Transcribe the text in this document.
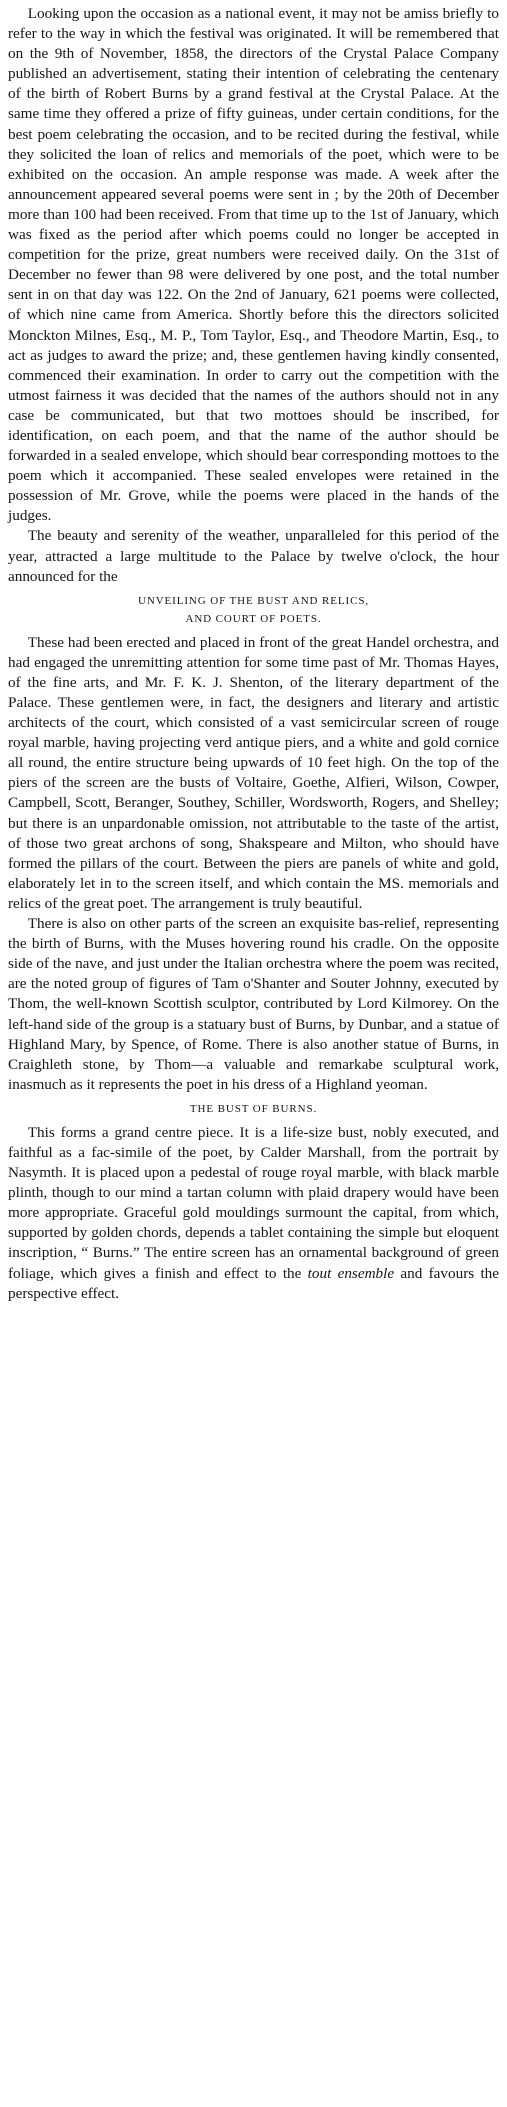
Looking upon the occasion as a national event, it may not be amiss briefly to refer to the way in which the festival was originated. It will be remembered that on the 9th of November, 1858, the directors of the Crystal Palace Company published an advertisement, stating their intention of celebrating the centenary of the birth of Robert Burns by a grand festival at the Crystal Palace. At the same time they offered a prize of fifty guineas, under certain conditions, for the best poem celebrating the occasion, and to be recited during the festival, while they solicited the loan of relics and memorials of the poet, which were to be exhibited on the occasion. An ample response was made. A week after the announcement appeared several poems were sent in ; by the 20th of December more than 100 had been received. From that time up to the 1st of January, which was fixed as the period after which poems could no longer be accepted in competition for the prize, great numbers were received daily. On the 31st of December no fewer than 98 were delivered by one post, and the total number sent in on that day was 122. On the 2nd of January, 621 poems were collected, of which nine came from America. Shortly before this the directors solicited Monckton Milnes, Esq., M. P., Tom Taylor, Esq., and Theodore Martin, Esq., to act as judges to award the prize; and, these gentlemen having kindly consented, commenced their examination. In order to carry out the competition with the utmost fairness it was decided that the names of the authors should not in any case be communicated, but that two mottoes should be inscribed, for identification, on each poem, and that the name of the author should be forwarded in a sealed envelope, which should bear corresponding mottoes to the poem which it accompanied. These sealed envelopes were retained in the possession of Mr. Grove, while the poems were placed in the hands of the judges.

The beauty and serenity of the weather, unparalleled for this period of the year, attracted a large multitude to the Palace by twelve o'clock, the hour announced for the

UNVEILING OF THE BUST AND RELICS,
AND COURT OF POETS.

These had been erected and placed in front of the great Handel orchestra, and had engaged the unremitting attention for some time past of Mr. Thomas Hayes, of the fine arts, and Mr. F. K. J. Shenton, of the literary department of the Palace. These gentlemen were, in fact, the designers and literary and artistic architects of the court, which consisted of a vast semicircular screen of rouge royal marble, having projecting verd antique piers, and a white and gold cornice all round, the entire structure being upwards of 10 feet high. On the top of the piers of the screen are the busts of Voltaire, Goethe, Alfieri, Wilson, Cowper, Campbell, Scott, Beranger, Southey, Schiller, Wordsworth, Rogers, and Shelley; but there is an unpardonable omission, not attributable to the taste of the artist, of those two great archons of song, Shakspeare and Milton, who should have formed the pillars of the court. Between the piers are panels of white and gold, elaborately let in to the screen itself, and which contain the MS. memorials and relics of the great poet. The arrangement is truly beautiful.

There is also on other parts of the screen an exquisite bas-relief, representing the birth of Burns, with the Muses hovering round his cradle. On the opposite side of the nave, and just under the Italian orchestra where the poem was recited, are the noted group of figures of Tam o'Shanter and Souter Johnny, executed by Thom, the well-known Scottish sculptor, contributed by Lord Kilmorey. On the left-hand side of the group is a statuary bust of Burns, by Dunbar, and a statue of Highland Mary, by Spence, of Rome. There is also another statue of Burns, in Craighleth stone, by Thom—a valuable and remarkabe sculptural work, inasmuch as it represents the poet in his dress of a Highland yeoman.

THE BUST OF BURNS.

This forms a grand centre piece. It is a life-size bust, nobly executed, and faithful as a fac-simile of the poet, by Calder Marshall, from the portrait by Nasymth. It is placed upon a pedestal of rouge royal marble, with black marble plinth, though to our mind a tartan column with plaid drapery would have been more appropriate. Graceful gold mouldings surmount the capital, from which, supported by golden chords, depends a tablet containing the simple but eloquent inscription, “ Burns.” The entire screen has an ornamental background of green foliage, which gives a finish and effect to the tout ensemble and favours the perspective effect.
